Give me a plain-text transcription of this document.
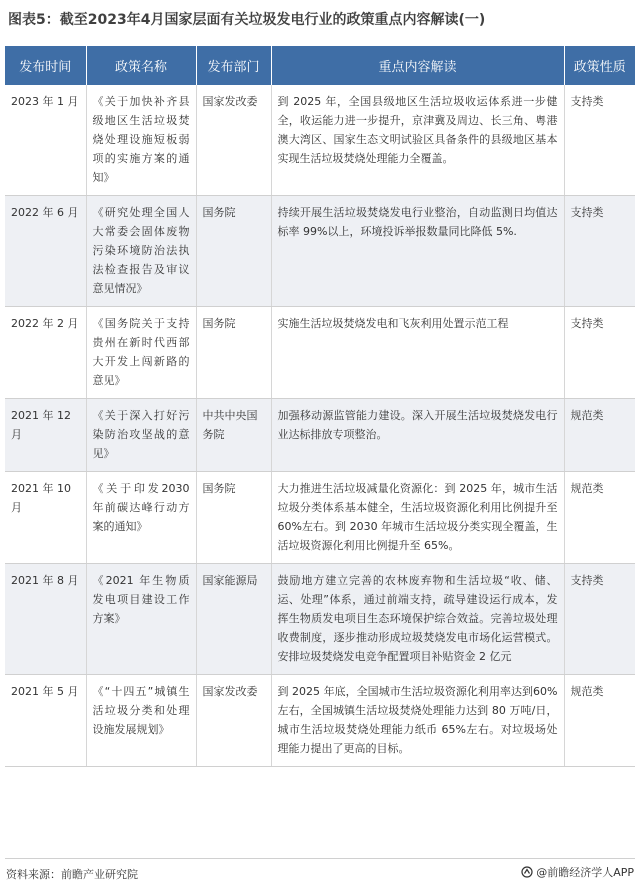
图表5：截至2023年4月国家层面有关垃圾发电行业的政策重点内容解读(一)
发布时间	政策名称	发布部门	重点内容解读	政策性质
2023 年 1 月	《关于加快补齐县级地区生活垃圾焚烧处理设施短板弱项的实施方案的通知》	国家发改委	到 2025 年，全国县级地区生活垃圾收运体系进一步健全，收运能力进一步提升，京津冀及周边、长三角、粤港澳大湾区、国家生态文明试验区具备条件的县级地区基本实现生活垃圾焚烧处理能力全覆盖。	支持类
2022 年 6 月	《研究处理全国人大常委会固体废物污染环境防治法执法检查报告及审议意见情况》	国务院	持续开展生活垃圾焚烧发电行业整治，自动监测日均值达标率 99%以上，环境投诉举报数量同比降低 5%.	支持类
2022 年 2 月	《国务院关于支持贵州在新时代西部大开发上闯新路的意见》	国务院	实施生活垃圾焚烧发电和飞灰利用处置示范工程	支持类
2021 年 12 月	《关于深入打好污染防治攻坚战的意见》	中共中央国务院	加强移动源监管能力建设。深入开展生活垃圾焚烧发电行业达标排放专项整治。	规范类
2021 年 10 月	《关于印发2030 年前碳达峰行动方案的通知》	国务院	大力推进生活垃圾减量化资源化：到 2025 年，城市生活垃圾分类体系基本健全，生活垃圾资源化利用比例提升至 60%左右。到 2030 年城市生活垃圾分类实现全覆盖，生活垃圾资源化利用比例提升至 65%。	规范类
2021 年 8 月	《2021 年生物质发电项目建设工作方案》	国家能源局	鼓励地方建立完善的农林废弃物和生活垃圾“收、储、运、处理”体系，通过前端支持，疏导建设运行成本，发挥生物质发电项目生态环境保护综合效益。完善垃圾处理收费制度，逐步推动形成垃圾焚烧发电市场化运营模式。安排垃圾焚烧发电竞争配置项目补贴资金 2 亿元	支持类
2021 年 5 月	《“十四五”城镇生活垃圾分类和处理设施发展规划》	国家发改委	到 2025 年底，全国城市生活垃圾资源化利用率达到60%左右，全国城镇生活垃圾焚烧处理能力达到 80 万吨/日，城市生活垃圾焚烧处理能力纸币 65%左右。对垃圾场处理能力提出了更高的目标。	规范类
资料来源：前瞻产业研究院	@前瞻经济学人APP
